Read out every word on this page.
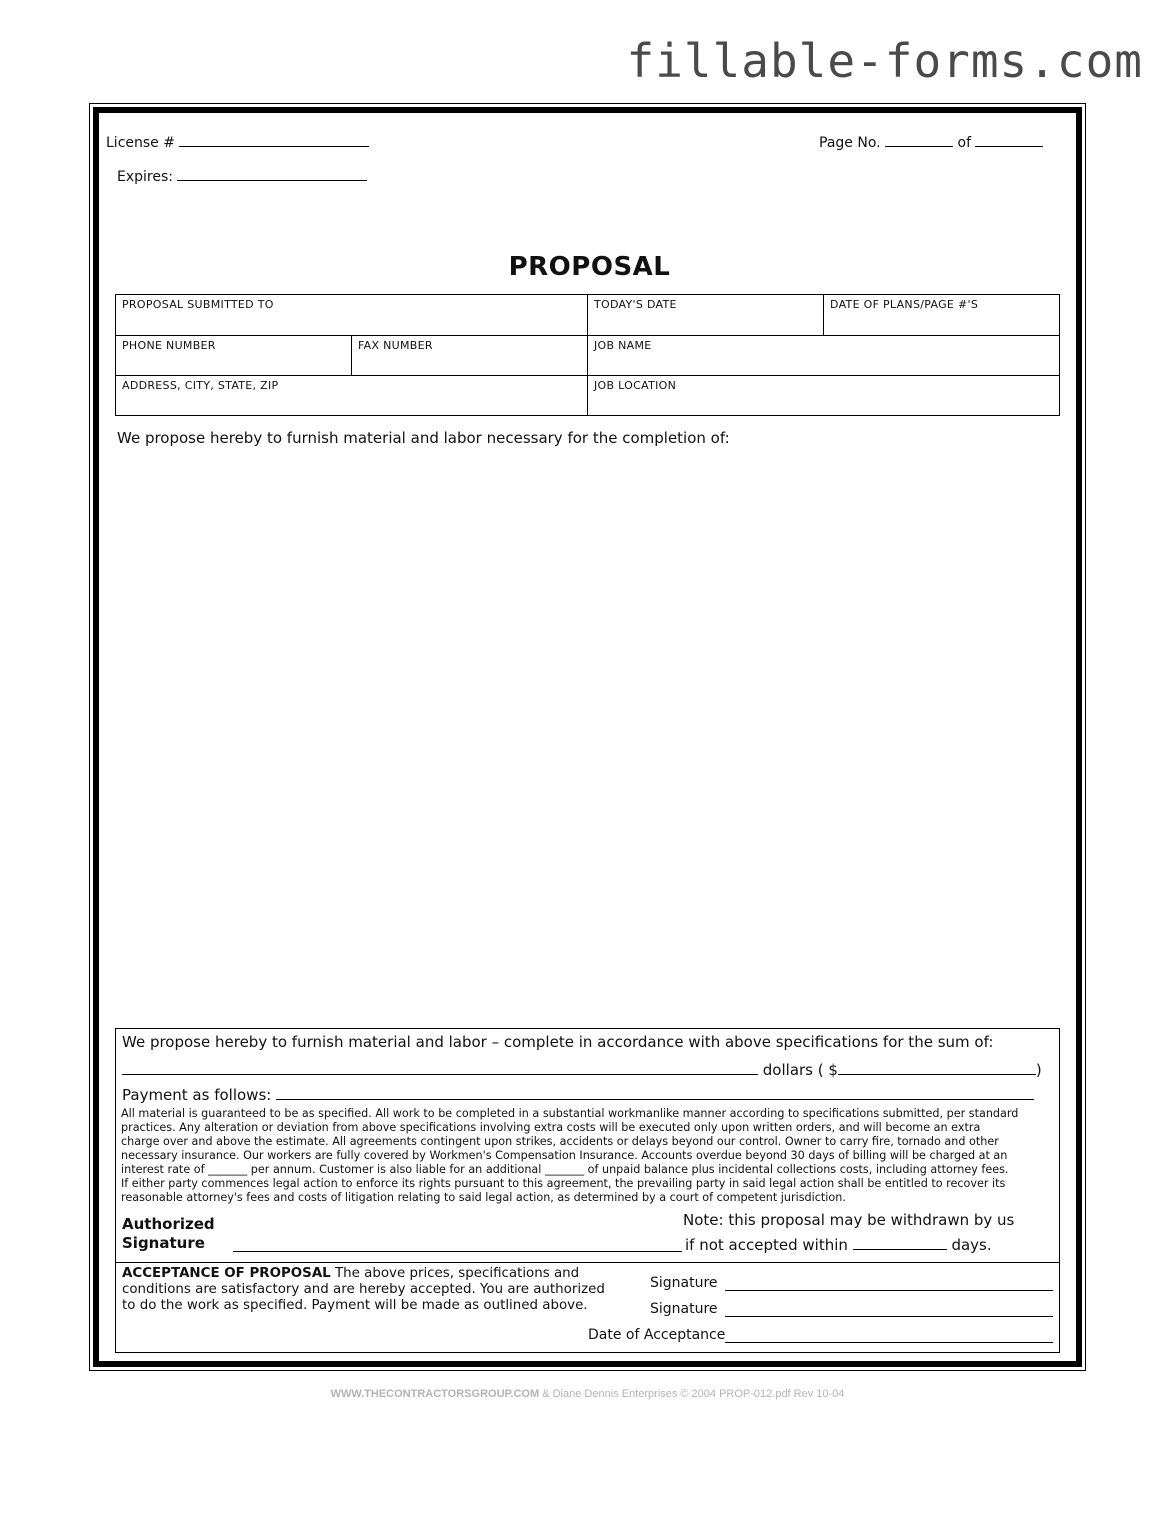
fillable-forms.com
License #
Expires:
Page No.	of
PROPOSAL
PROPOSAL SUBMITTED TO	TODAY'S DATE	DATE OF PLANS/PAGE #'S
PHONE NUMBER	FAX NUMBER	JOB NAME
ADDRESS, CITY, STATE, ZIP	JOB LOCATION
We propose hereby to furnish material and labor necessary for the completion of:
We propose hereby to furnish material and labor – complete in accordance with above specifications for the sum of:
dollars ( $	)
Payment as follows:
All material is guaranteed to be as specified. All work to be completed in a substantial workmanlike manner according to specifications submitted, per standard
practices. Any alteration or deviation from above specifications involving extra costs will be executed only upon written orders, and will become an extra
charge over and above the estimate. All agreements contingent upon strikes, accidents or delays beyond our control. Owner to carry fire, tornado and other
necessary insurance. Our workers are fully covered by Workmen's Compensation Insurance. Accounts overdue beyond 30 days of billing will be charged at an
interest rate of _______ per annum. Customer is also liable for an additional _______ of unpaid balance plus incidental collections costs, including attorney fees.
If either party commences legal action to enforce its rights pursuant to this agreement, the prevailing party in said legal action shall be entitled to recover its
reasonable attorney's fees and costs of litigation relating to said legal action, as determined by a court of competent jurisdiction.
Authorized
Signature
Note: this proposal may be withdrawn by us
if not accepted within	days.
ACCEPTANCE OF PROPOSAL The above prices, specifications and
conditions are satisfactory and are hereby accepted. You are authorized
to do the work as specified. Payment will be made as outlined above.
Signature
Signature
Date of Acceptance
WWW.THECONTRACTORSGROUP.COM & Diane Dennis Enterprises © 2004 PROP-012.pdf Rev 10-04
